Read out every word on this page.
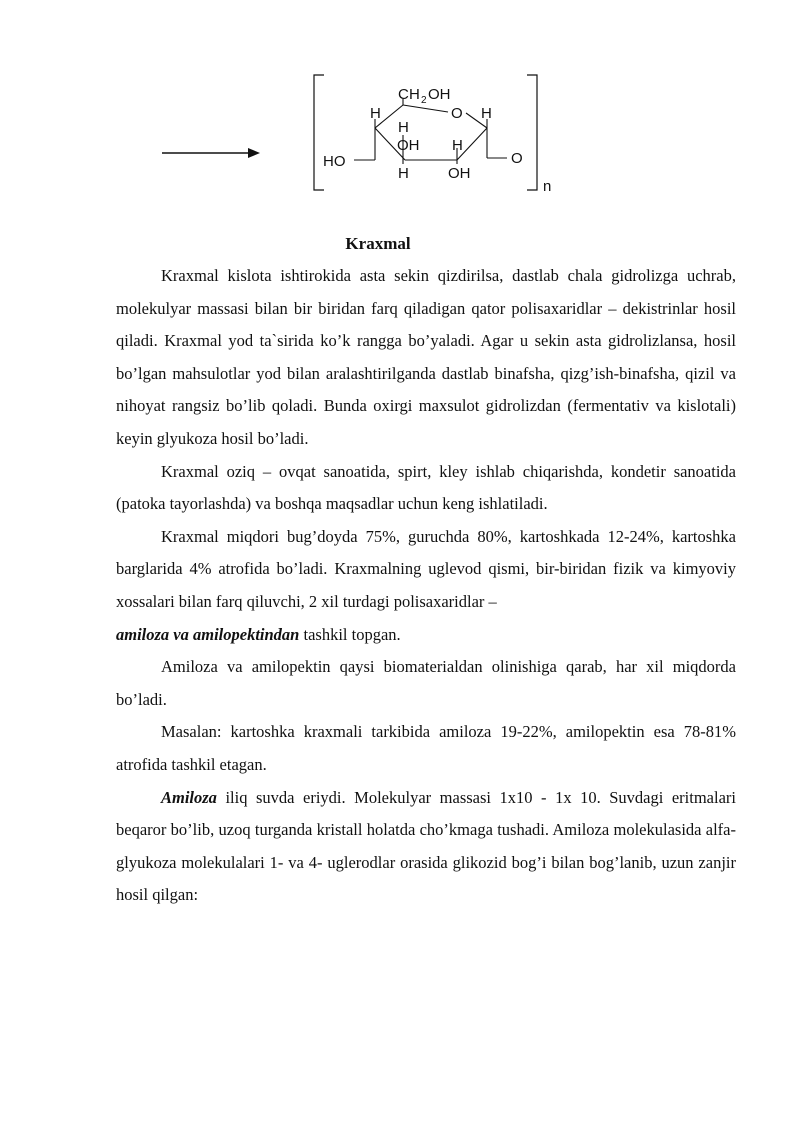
C H 2 OH
H	O H
H
OH H
HO	O
H	OH
n
Kraxmal

Kraxmal kislota ishtirokida asta sekin qizdirilsa, dastlab chala gidrolizga uchrab, molekulyar massasi bilan bir biridan farq qiladigan qator polisaxaridlar – dekistrinlar hosil qiladi. Kraxmal yod ta`sirida ko’k rangga bo’yaladi. Agar u sekin asta gidrolizlansa, hosil bo’lgan mahsulotlar yod bilan aralashtirilganda dastlab binafsha, qizg’ish-binafsha, qizil va nihoyat rangsiz bo’lib qoladi. Bunda oxirgi maxsulot gidrolizdan (fermentativ va kislotali) keyin glyukoza hosil bo’ladi.

Kraxmal oziq – ovqat sanoatida, spirt, kley ishlab chiqarishda, kondetir sanoatida (patoka tayorlashda) va boshqa maqsadlar uchun keng ishlatiladi.

Kraxmal miqdori bug’doyda 75%, guruchda 80%, kartoshkada 12-24%, kartoshka barglarida 4% atrofida bo’ladi. Kraxmalning uglevod qismi, bir-biridan fizik va kimyoviy xossalari bilan farq qiluvchi, 2 xil turdagi polisaxaridlar –
amiloza va amilopektindan tashkil topgan.

Amiloza va amilopektin qaysi biomaterialdan olinishiga qarab, har xil miqdorda bo’ladi.

Masalan: kartoshka kraxmali tarkibida amiloza 19-22%, amilopektin esa 78-81% atrofida tashkil etagan.

Amiloza iliq suvda eriydi. Molekulyar massasi 1x10 - 1x 10. Suvdagi eritmalari beqaror bo’lib, uzoq turganda kristall holatda cho’kmaga tushadi. Amiloza molekulasida alfa-glyukoza molekulalari 1- va 4- uglerodlar orasida glikozid bog’i bilan bog’lanib, uzun zanjir hosil qilgan:
